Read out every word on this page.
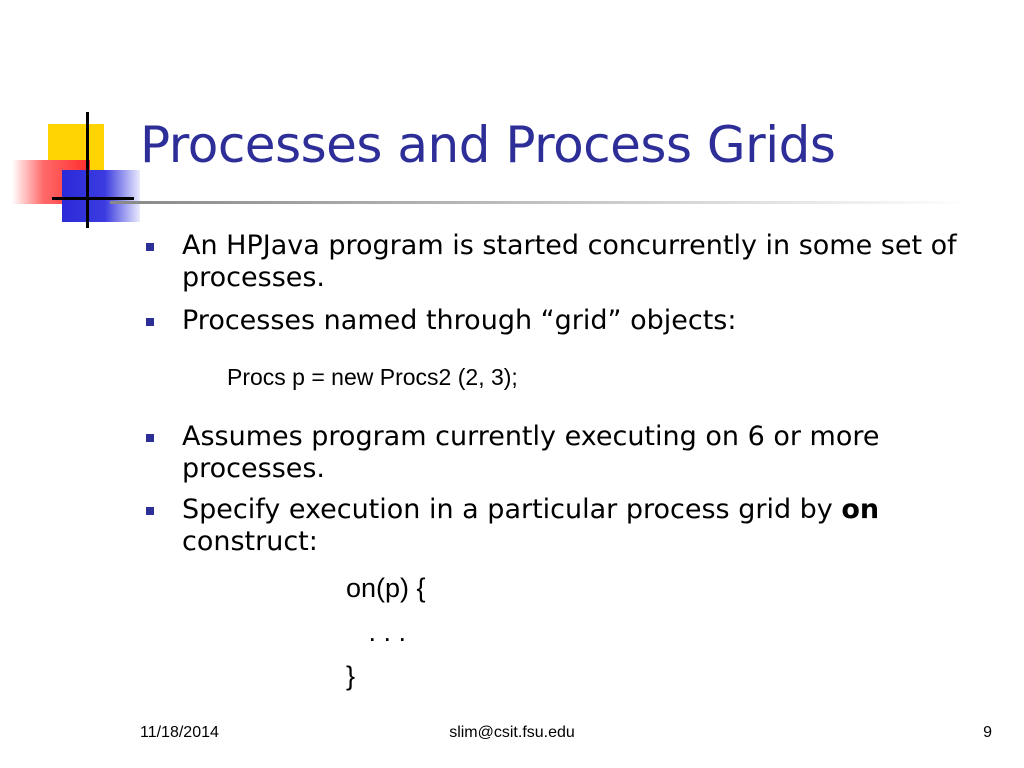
Processes and Process Grids
An HPJava program is started concurrently in some set of processes.
Processes named through “grid” objects:
Procs p = new Procs2 (2, 3);
Assumes program currently executing on 6 or more processes.
Specify execution in a particular process grid by on construct:
on(p) {
. . .
}
11/18/2014	slim@csit.fsu.edu	9
